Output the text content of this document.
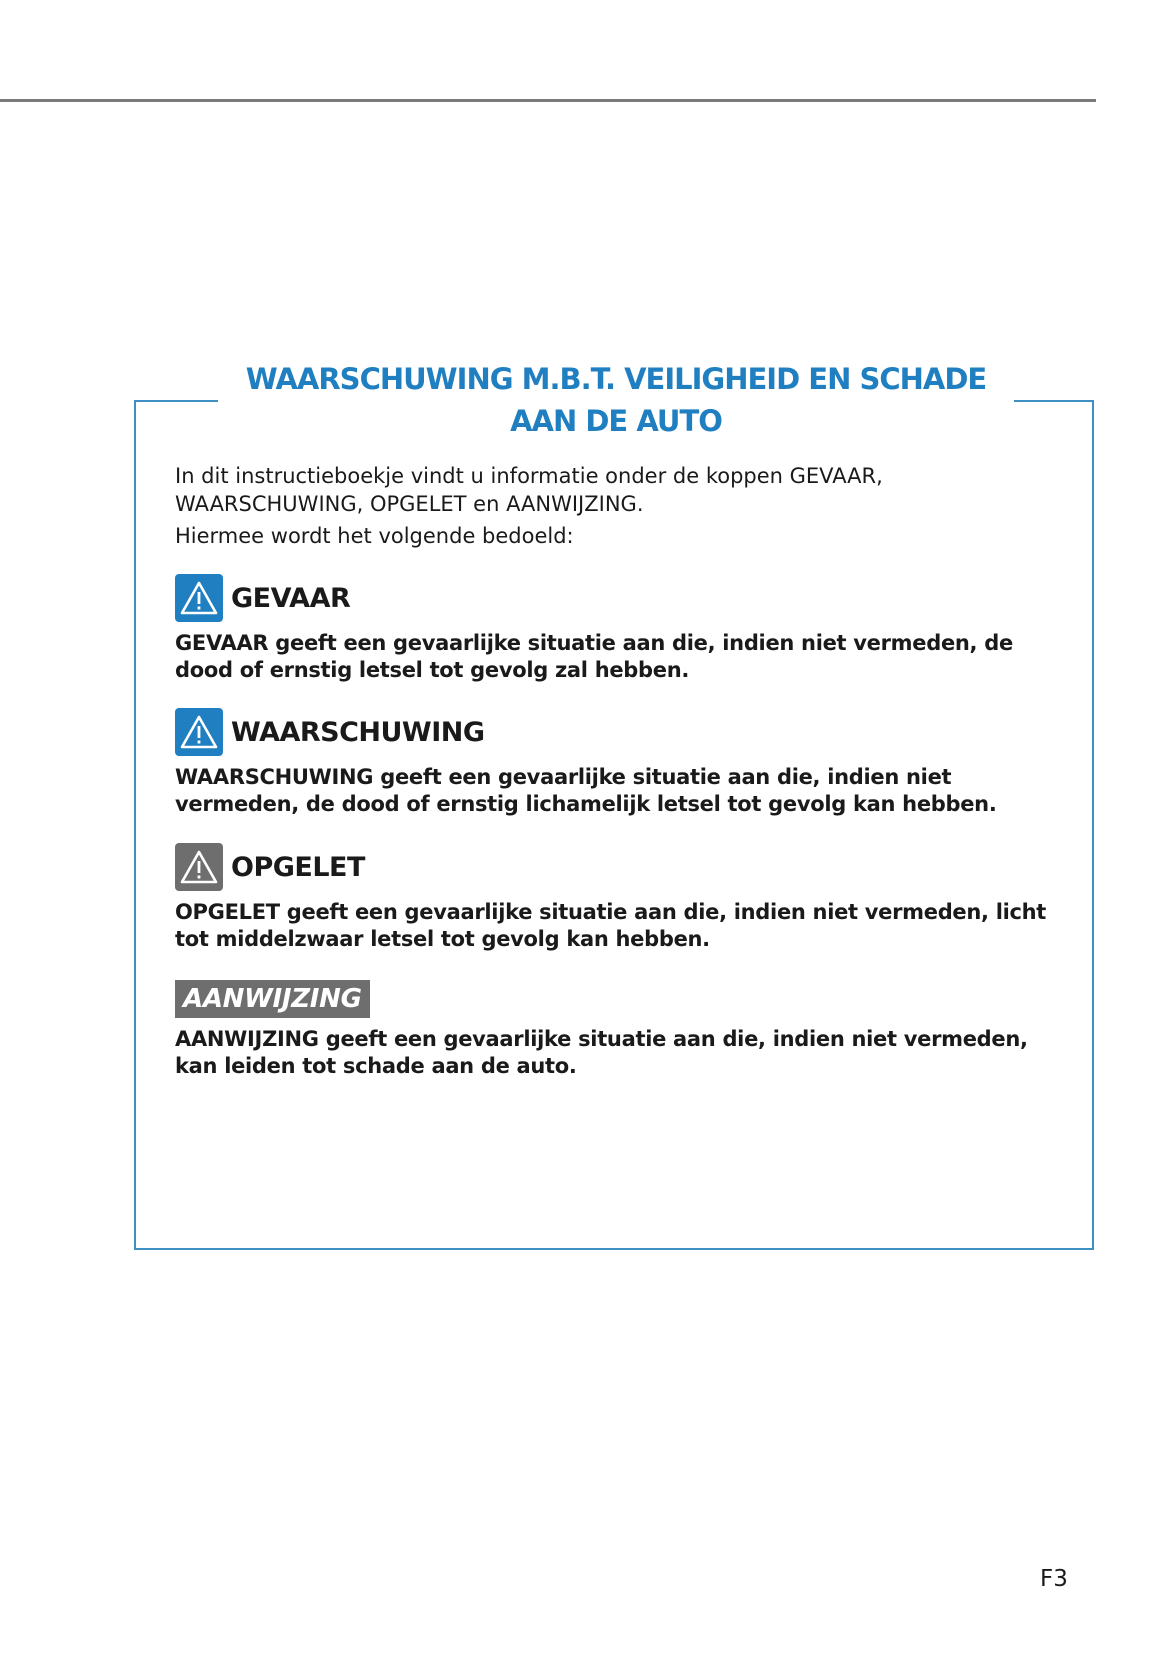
WAARSCHUWING M.B.T. VEILIGHEID EN SCHADE AAN DE AUTO

In dit instructieboekje vindt u informatie onder de koppen GEVAAR, WAARSCHUWING, OPGELET en AANWIJZING.

Hiermee wordt het volgende bedoeld:

GEVAAR

GEVAAR geeft een gevaarlijke situatie aan die, indien niet vermeden, de dood of ernstig letsel tot gevolg zal hebben.

WAARSCHUWING

WAARSCHUWING geeft een gevaarlijke situatie aan die, indien niet vermeden, de dood of ernstig lichamelijk letsel tot gevolg kan hebben.

OPGELET

OPGELET geeft een gevaarlijke situatie aan die, indien niet vermeden, licht tot middelzwaar letsel tot gevolg kan hebben.

AANWIJZING

AANWIJZING geeft een gevaarlijke situatie aan die, indien niet vermeden, kan leiden tot schade aan de auto.

F3
